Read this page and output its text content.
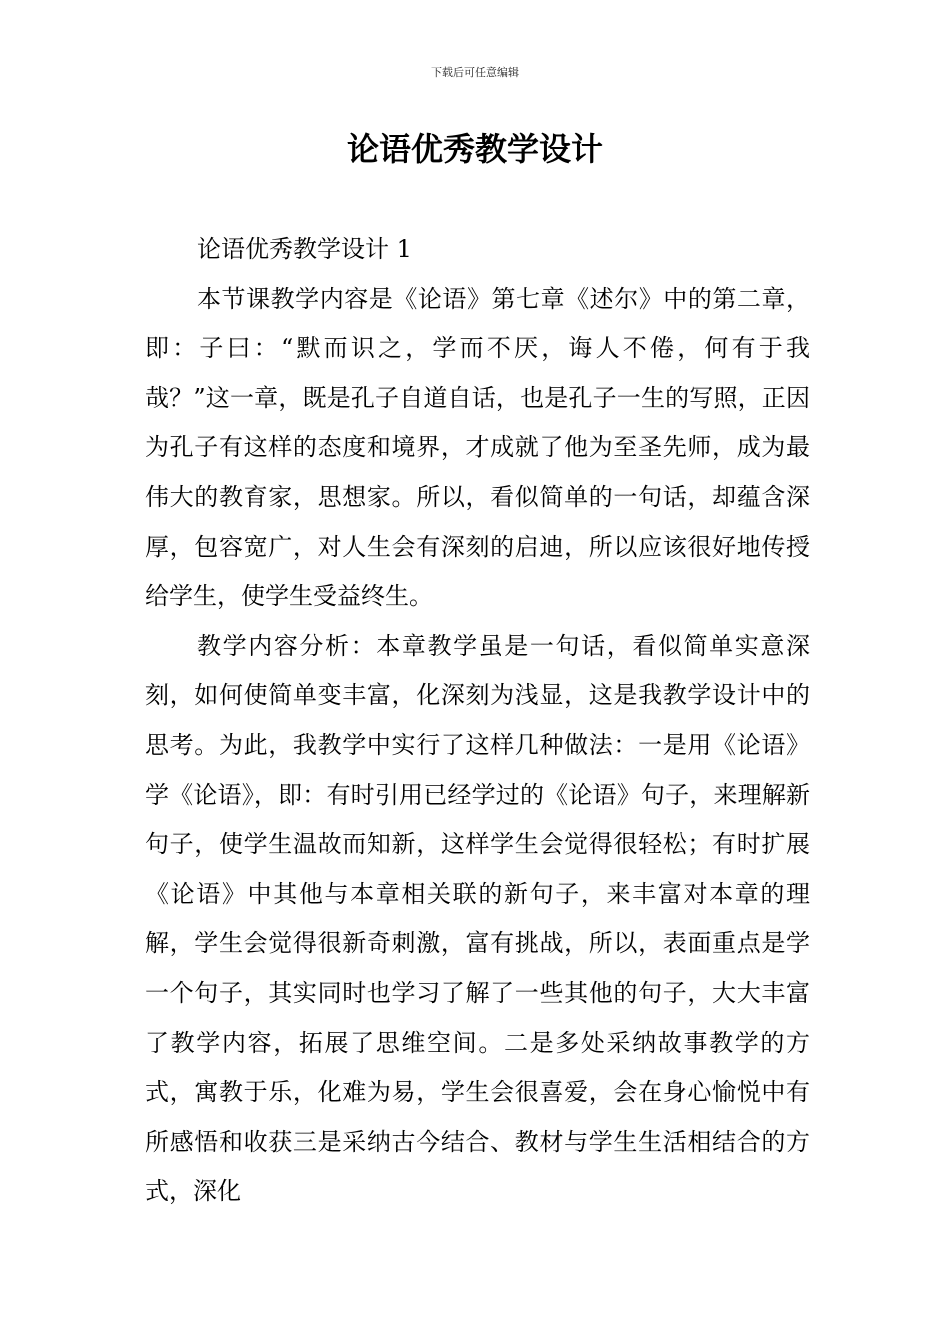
下载后可任意编辑
论语优秀教学设计

论语优秀教学设计 1

本节课教学内容是《论语》第七章《述尔》中的第二章，即：子曰：“默而识之，学而不厌，诲人不倦，何有于我哉？”这一章，既是孔子自道自话，也是孔子一生的写照，正因为孔子有这样的态度和境界，才成就了他为至圣先师，成为最伟大的教育家，思想家。所以，看似简单的一句话，却蕴含深厚，包容宽广，对人生会有深刻的启迪，所以应该很好地传授给学生，使学生受益终生。

教学内容分析：本章教学虽是一句话，看似简单实意深刻，如何使简单变丰富，化深刻为浅显，这是我教学设计中的思考。为此，我教学中实行了这样几种做法：一是用《论语》学《论语》，即：有时引用已经学过的《论语》句子，来理解新句子，使学生温故而知新，这样学生会觉得很轻松；有时扩展《论语》中其他与本章相关联的新句子，来丰富对本章的理解，学生会觉得很新奇刺激，富有挑战，所以，表面重点是学一个句子，其实同时也学习了解了一些其他的句子，大大丰富了教学内容，拓展了思维空间。二是多处采纳故事教学的方式，寓教于乐，化难为易，学生会很喜爱，会在身心愉悦中有所感悟和收获三是采纳古今结合、教材与学生生活相结合的方式，深化
